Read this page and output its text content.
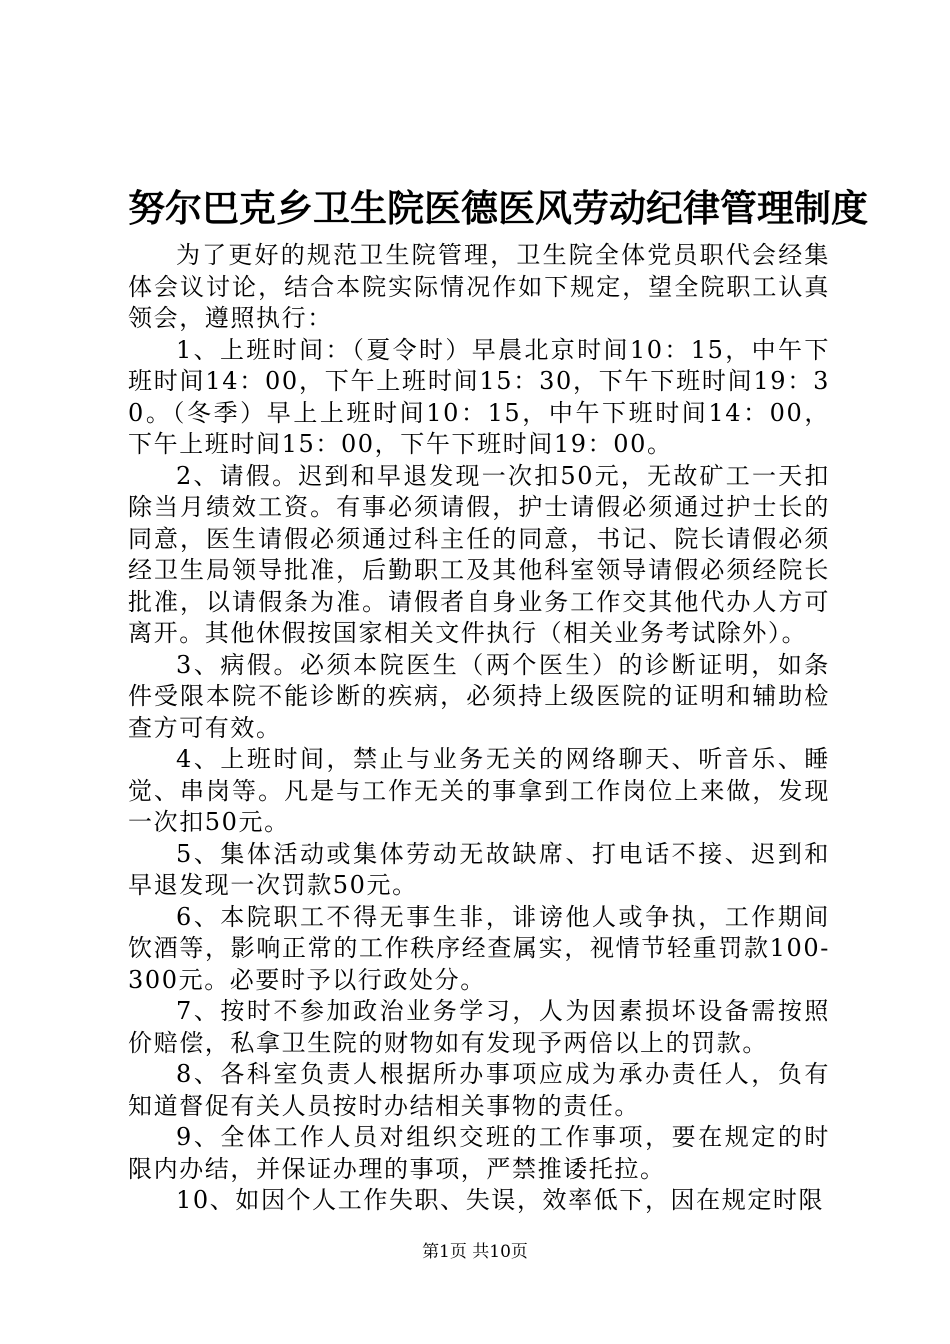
努尔巴克乡卫生院医德医风劳动纪律管理制度

为了更好的规范卫生院管理，卫生院全体党员职代会经集体会议讨论，结合本院实际情况作如下规定，望全院职工认真领会，遵照执行：

1、上班时间：（夏令时）早晨北京时间10：15，中午下班时间14：00，下午上班时间15：30，下午下班时间19：30。（冬季）早上上班时间10：15，中午下班时间14：00，下午上班时间15：00，下午下班时间19：00。

2、请假。迟到和早退发现一次扣50元，无故矿工一天扣除当月绩效工资。有事必须请假，护士请假必须通过护士长的同意，医生请假必须通过科主任的同意，书记、院长请假必须经卫生局领导批准，后勤职工及其他科室领导请假必须经院长批准，以请假条为准。请假者自身业务工作交其他代办人方可离开。其他休假按国家相关文件执行（相关业务考试除外）。

3、病假。必须本院医生（两个医生）的诊断证明，如条件受限本院不能诊断的疾病，必须持上级医院的证明和辅助检查方可有效。

4、上班时间，禁止与业务无关的网络聊天、听音乐、睡觉、串岗等。凡是与工作无关的事拿到工作岗位上来做，发现一次扣50元。

5、集体活动或集体劳动无故缺席、打电话不接、迟到和早退发现一次罚款50元。

6、本院职工不得无事生非，诽谤他人或争执，工作期间饮酒等，影响正常的工作秩序经查属实，视情节轻重罚款100-300元。必要时予以行政处分。

7、按时不参加政治业务学习，人为因素损坏设备需按照价赔偿，私拿卫生院的财物如有发现予两倍以上的罚款。

8、各科室负责人根据所办事项应成为承办责任人，负有知道督促有关人员按时办结相关事物的责任。

9、全体工作人员对组织交班的工作事项，要在规定的时限内办结，并保证办理的事项，严禁推诿托拉。

10、如因个人工作失职、失误，效率低下，因在规定时限

第1页 共10页
